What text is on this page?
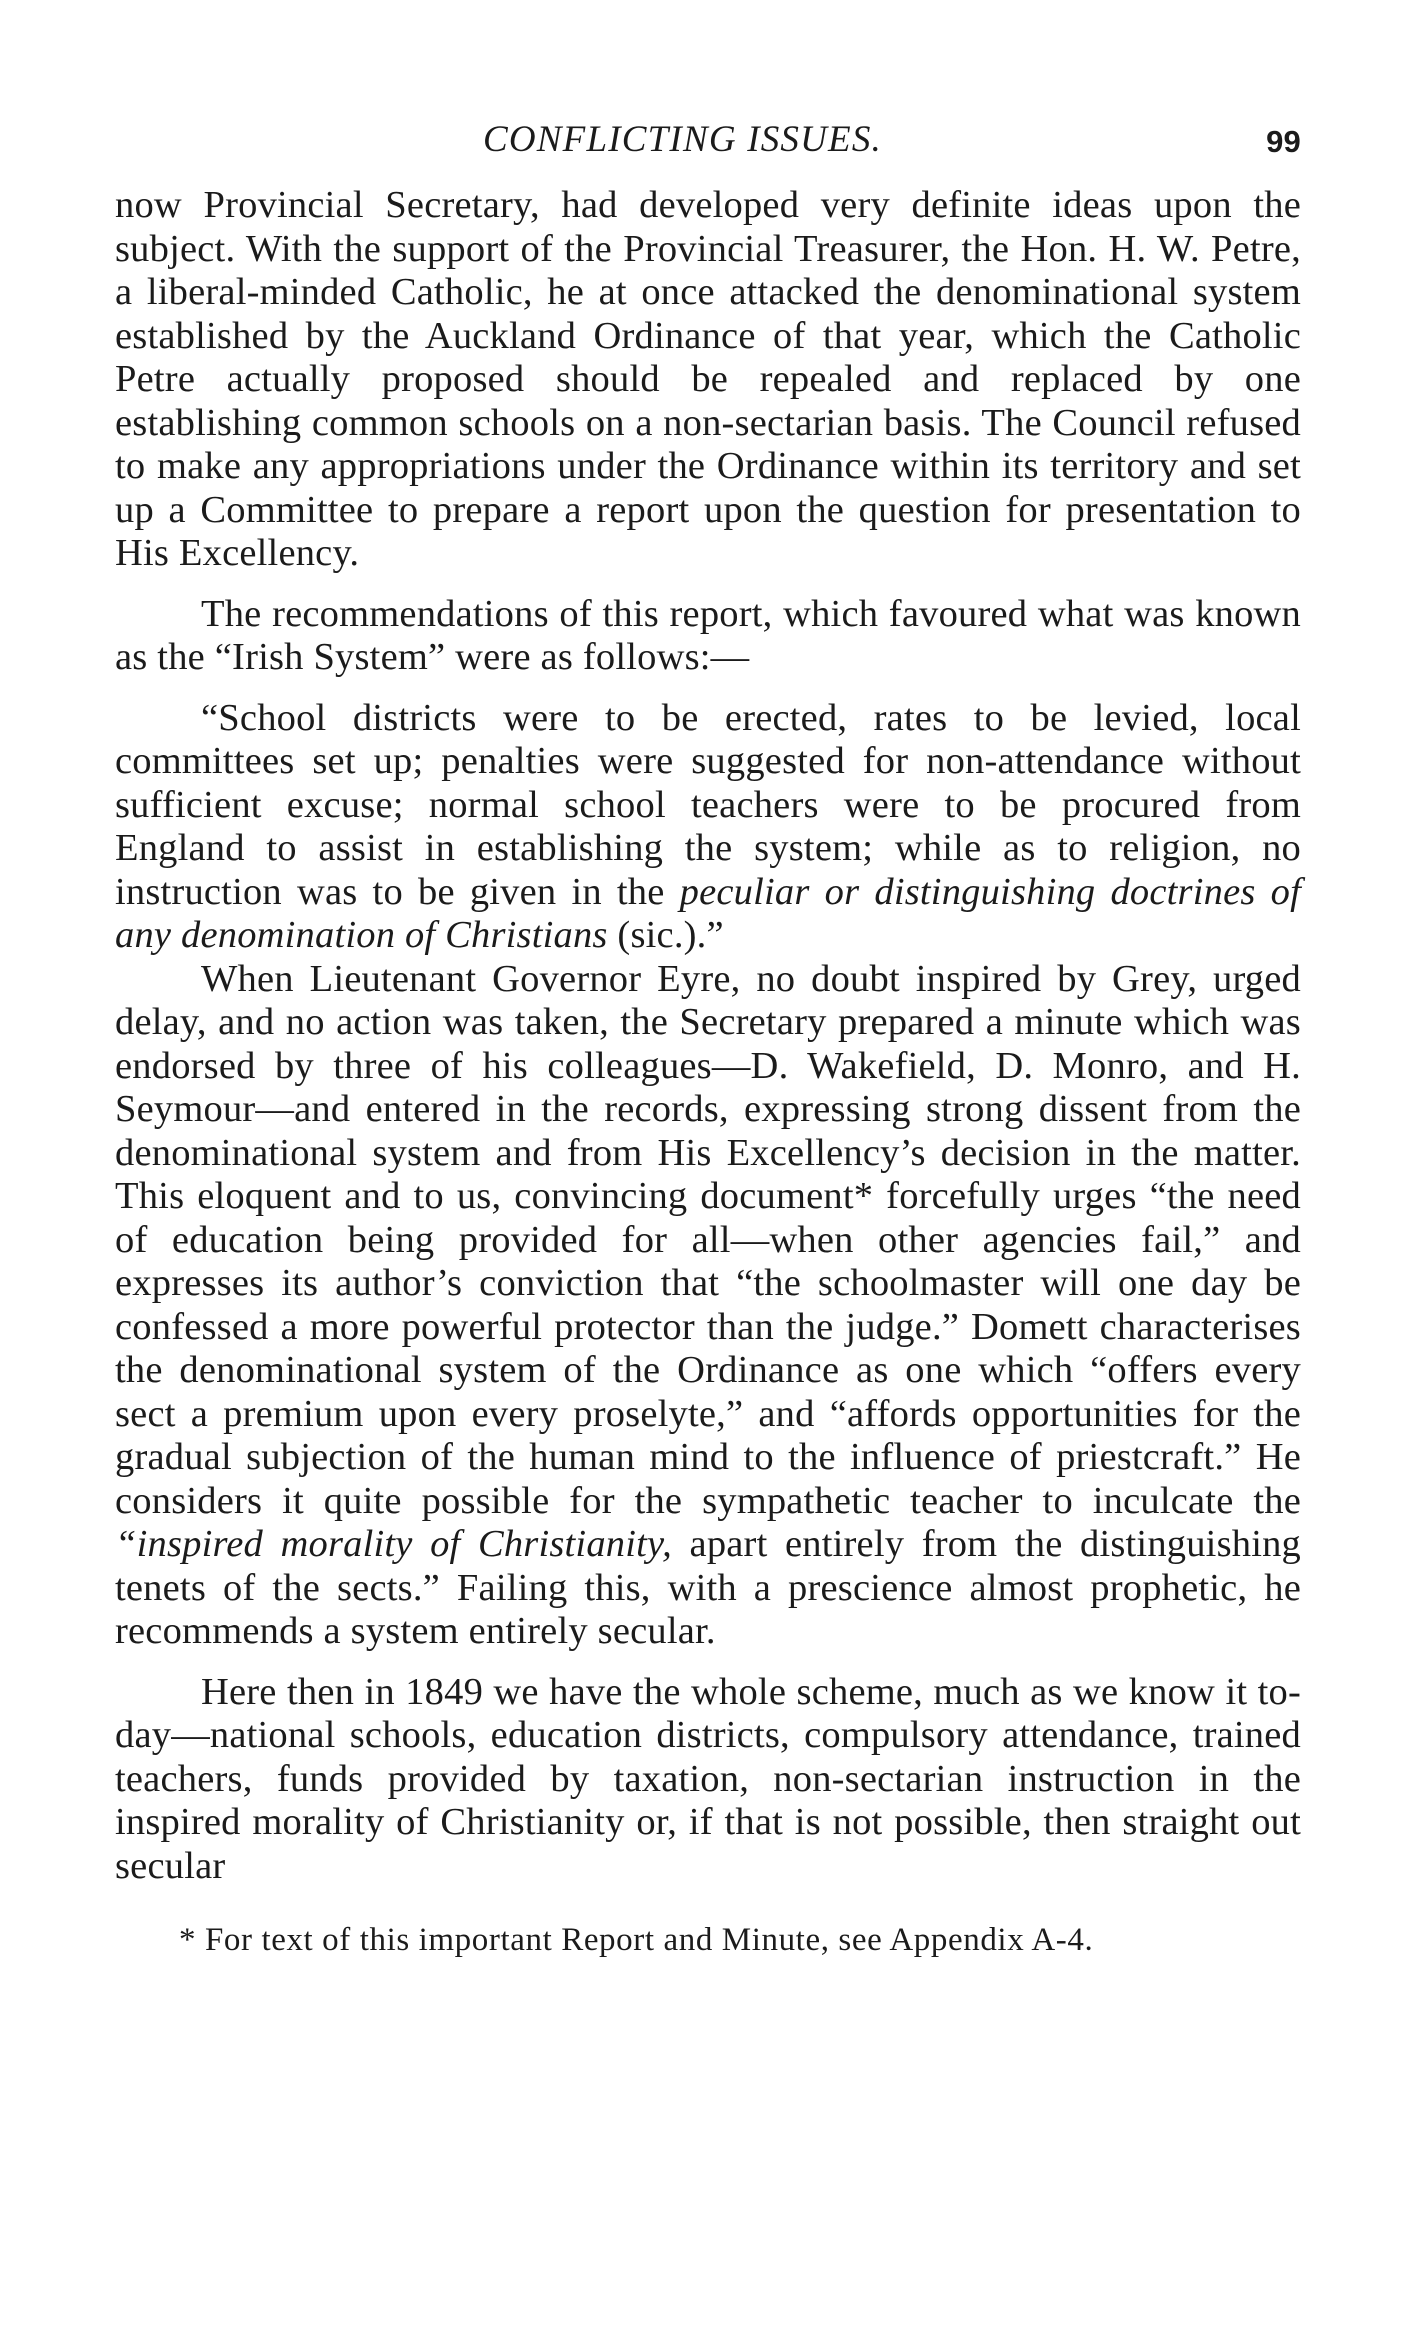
CONFLICTING ISSUES.	99

now Provincial Secretary, had developed very definite ideas upon the subject. With the support of the Provincial Treasurer, the Hon. H. W. Petre, a liberal-minded Catholic, he at once attacked the denominational system established by the Auckland Ordinance of that year, which the Catholic Petre actually proposed should be repealed and replaced by one establishing common schools on a non-sectarian basis. The Council refused to make any appropriations under the Ordinance within its territory and set up a Committee to prepare a report upon the question for presentation to His Excellency.

The recommendations of this report, which favoured what was known as the “Irish System” were as follows:—

“School districts were to be erected, rates to be levied, local committees set up; penalties were suggested for non-attendance without sufficient excuse; normal school teachers were to be procured from England to assist in establishing the system; while as to religion, no instruction was to be given in the peculiar or distinguishing doctrines of any denomination of Christians (sic.).”

When Lieutenant Governor Eyre, no doubt inspired by Grey, urged delay, and no action was taken, the Secretary prepared a minute which was endorsed by three of his colleagues—D. Wakefield, D. Monro, and H. Seymour—and entered in the records, expressing strong dissent from the denominational system and from His Excellency’s decision in the matter. This eloquent and to us, convincing document* forcefully urges “the need of education being provided for all—when other agencies fail,” and expresses its author’s conviction that “the schoolmaster will one day be confessed a more powerful protector than the judge.” Domett characterises the denominational system of the Ordinance as one which “offers every sect a premium upon every proselyte,” and “affords opportunities for the gradual subjection of the human mind to the influence of priestcraft.” He considers it quite possible for the sympathetic teacher to inculcate the “inspired morality of Christianity, apart entirely from the distinguishing tenets of the sects.” Failing this, with a prescience almost prophetic, he recommends a system entirely secular.

Here then in 1849 we have the whole scheme, much as we know it to-day—national schools, education districts, compulsory attendance, trained teachers, funds provided by taxation, non-sectarian instruction in the inspired morality of Christianity or, if that is not possible, then straight out secular

* For text of this important Report and Minute, see Appendix A-4.
